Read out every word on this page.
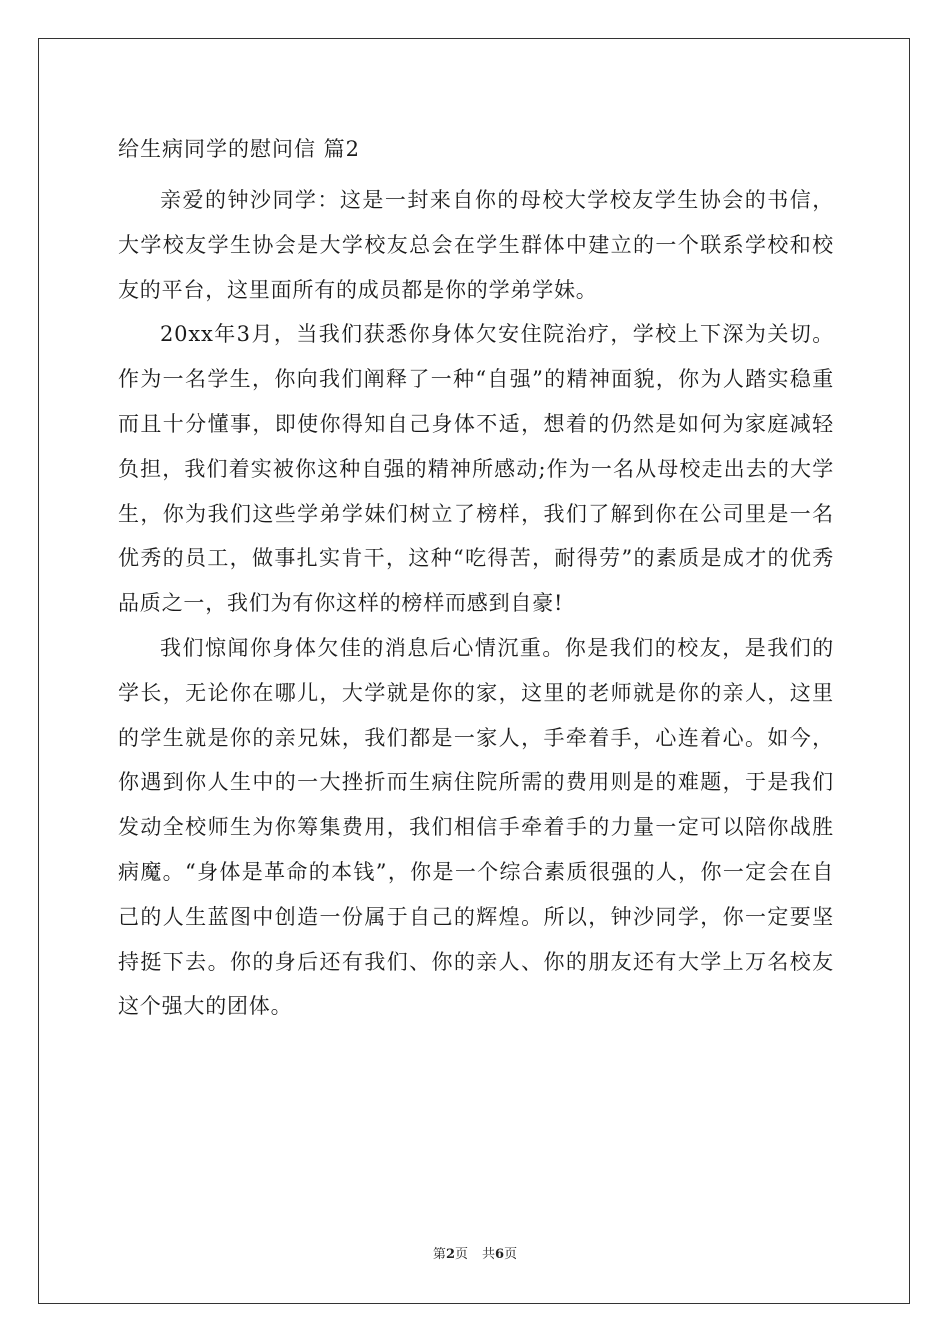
给生病同学的慰问信 篇2

亲爱的钟沙同学：这是一封来自你的母校大学校友学生协会的书信，大学校友学生协会是大学校友总会在学生群体中建立的一个联系学校和校友的平台，这里面所有的成员都是你的学弟学妹。

20xx年3月，当我们获悉你身体欠安住院治疗，学校上下深为关切。作为一名学生，你向我们阐释了一种“自强”的精神面貌，你为人踏实稳重而且十分懂事，即使你得知自己身体不适，想着的仍然是如何为家庭减轻负担，我们着实被你这种自强的精神所感动;作为一名从母校走出去的大学生，你为我们这些学弟学妹们树立了榜样，我们了解到你在公司里是一名优秀的员工，做事扎实肯干，这种“吃得苦，耐得劳”的素质是成才的优秀品质之一，我们为有你这样的榜样而感到自豪!

我们惊闻你身体欠佳的消息后心情沉重。你是我们的校友，是我们的学长，无论你在哪儿，大学就是你的家，这里的老师就是你的亲人，这里的学生就是你的亲兄妹，我们都是一家人，手牵着手，心连着心。如今，你遇到你人生中的一大挫折而生病住院所需的费用则是的难题，于是我们发动全校师生为你筹集费用，我们相信手牵着手的力量一定可以陪你战胜病魔。“身体是革命的本钱”，你是一个综合素质很强的人，你一定会在自己的人生蓝图中创造一份属于自己的辉煌。所以，钟沙同学，你一定要坚持挺下去。你的身后还有我们、你的亲人、你的朋友还有大学上万名校友这个强大的团体。

第2页 共6页
